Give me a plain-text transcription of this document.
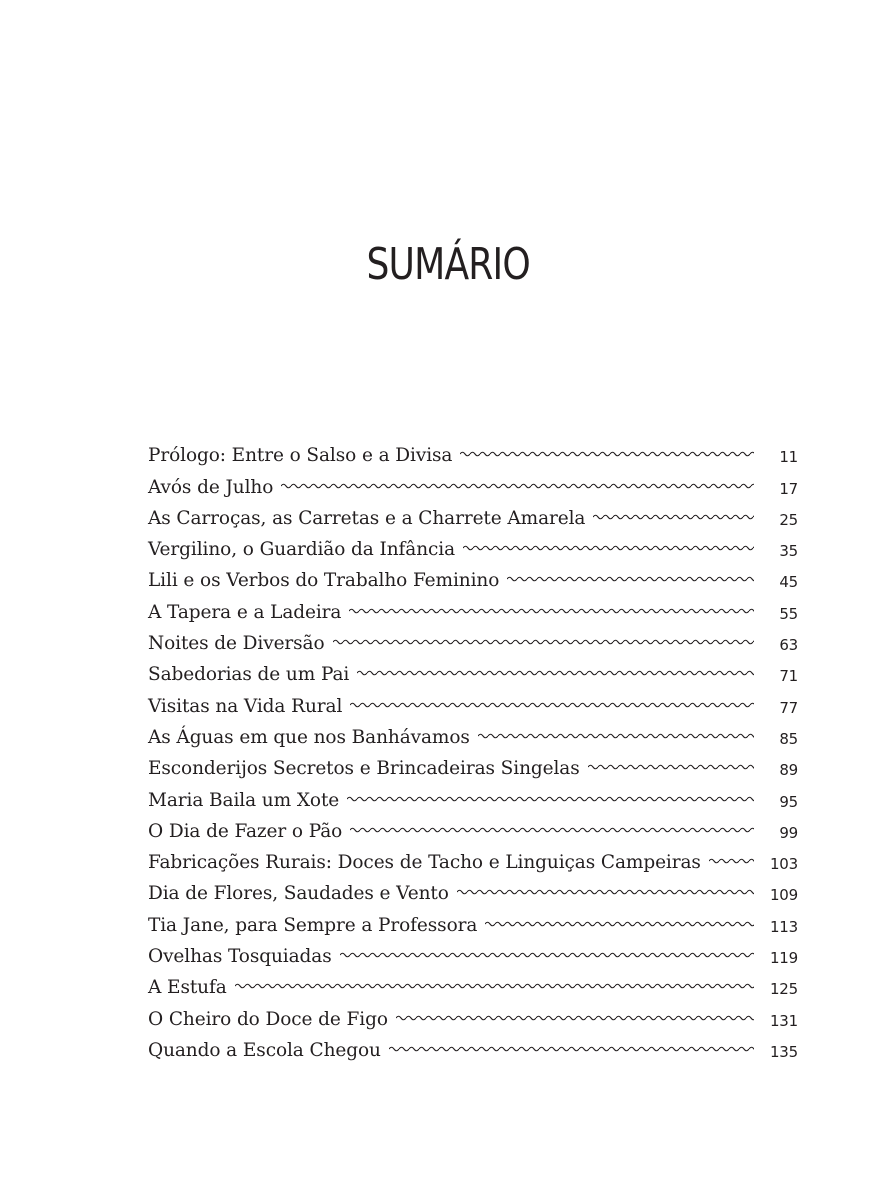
SUMÁRIO
Prólogo: Entre o Salso e a Divisa	11
Avós de Julho	17
As Carroças, as Carretas e a Charrete Amarela	25
Vergilino, o Guardião da Infância	35
Lili e os Verbos do Trabalho Feminino	45
A Tapera e a Ladeira	55
Noites de Diversão	63
Sabedorias de um Pai	71
Visitas na Vida Rural	77
As Águas em que nos Banhávamos	85
Esconderijos Secretos e Brincadeiras Singelas	89
Maria Baila um Xote	95
O Dia de Fazer o Pão	99
Fabricações Rurais: Doces de Tacho e Linguiças Campeiras	103
Dia de Flores, Saudades e Vento	109
Tia Jane, para Sempre a Professora	113
Ovelhas Tosquiadas	119
A Estufa	125
O Cheiro do Doce de Figo	131
Quando a Escola Chegou	135
